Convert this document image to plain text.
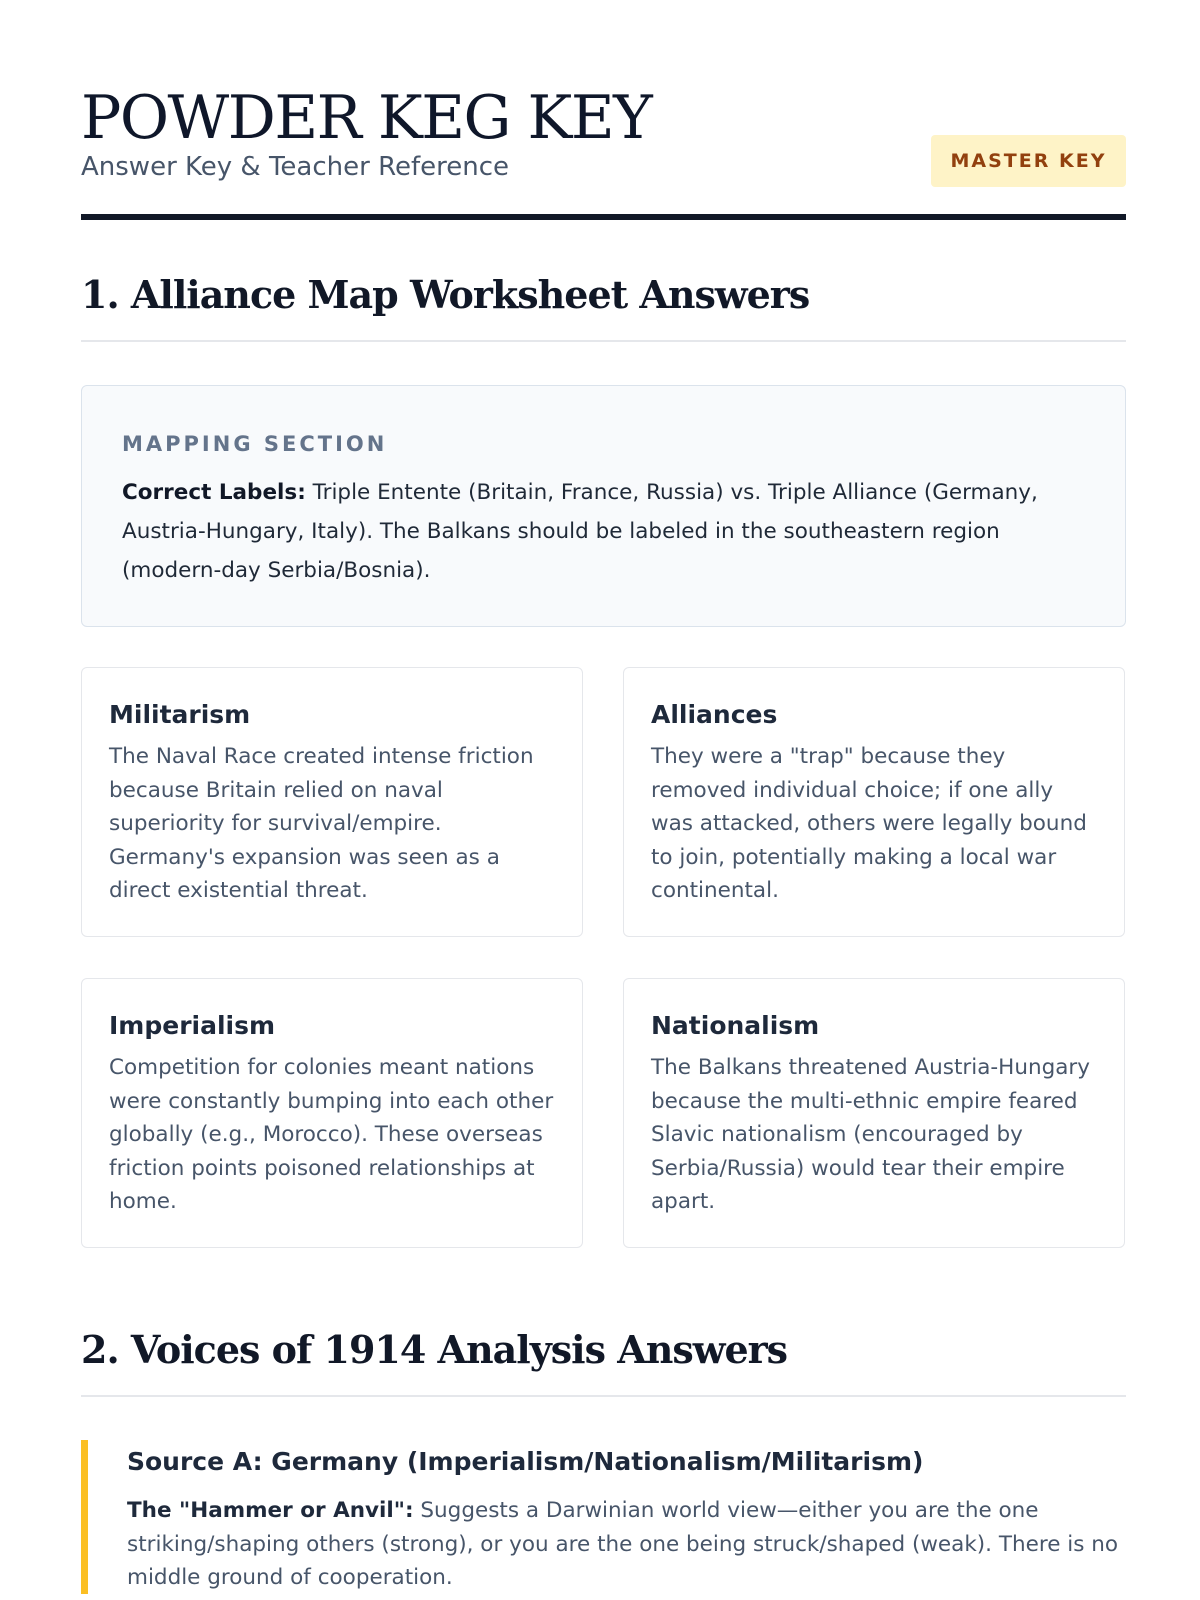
POWDER KEG KEY
Answer Key & Teacher Reference	MASTER KEY
1. Alliance Map Worksheet Answers
MAPPING SECTION
Correct Labels: Triple Entente (Britain, France, Russia) vs. Triple Alliance (Germany, Austria-Hungary, Italy). The Balkans should be labeled in the southeastern region (modern-day Serbia/Bosnia).
Militarism
The Naval Race created intense friction because Britain relied on naval superiority for survival/empire. Germany's expansion was seen as a direct existential threat.
Alliances
They were a "trap" because they removed individual choice; if one ally was attacked, others were legally bound to join, potentially making a local war continental.
Imperialism
Competition for colonies meant nations were constantly bumping into each other globally (e.g., Morocco). These overseas friction points poisoned relationships at home.
Nationalism
The Balkans threatened Austria-Hungary because the multi-ethnic empire feared Slavic nationalism (encouraged by Serbia/Russia) would tear their empire apart.
2. Voices of 1914 Analysis Answers
Source A: Germany (Imperialism/Nationalism/Militarism)
The "Hammer or Anvil": Suggests a Darwinian world view—either you are the one striking/shaping others (strong), or you are the one being struck/shaped (weak). There is no middle ground of cooperation.
